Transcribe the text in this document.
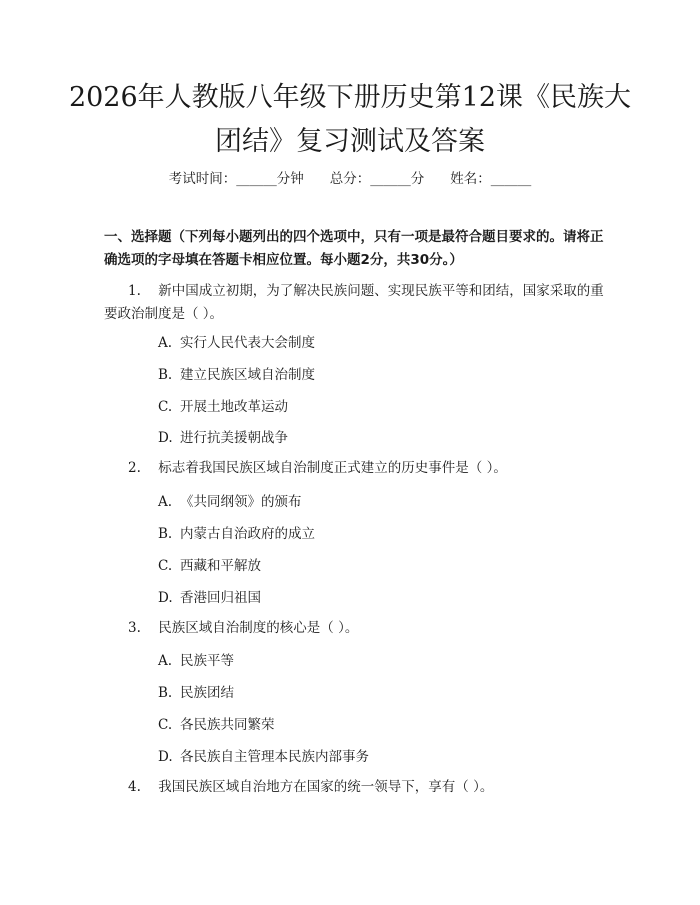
2026年人教版八年级下册历史第12课《民族大团结》复习测试及答案
考试时间：______分钟 总分：______分 姓名：______
一、选择题（下列每小题列出的四个选项中，只有一项是最符合题目要求的。请将正确选项的字母填在答题卡相应位置。每小题2分，共30分。）
1. 新中国成立初期，为了解决民族问题、实现民族平等和团结，国家采取的重要政治制度是（ ）。
A. 实行人民代表大会制度
B. 建立民族区域自治制度
C. 开展土地改革运动
D. 进行抗美援朝战争
2. 标志着我国民族区域自治制度正式建立的历史事件是（ ）。
A. 《共同纲领》的颁布
B. 内蒙古自治政府的成立
C. 西藏和平解放
D. 香港回归祖国
3. 民族区域自治制度的核心是（ ）。
A. 民族平等
B. 民族团结
C. 各民族共同繁荣
D. 各民族自主管理本民族内部事务
4. 我国民族区域自治地方在国家的统一领导下，享有（ ）。
